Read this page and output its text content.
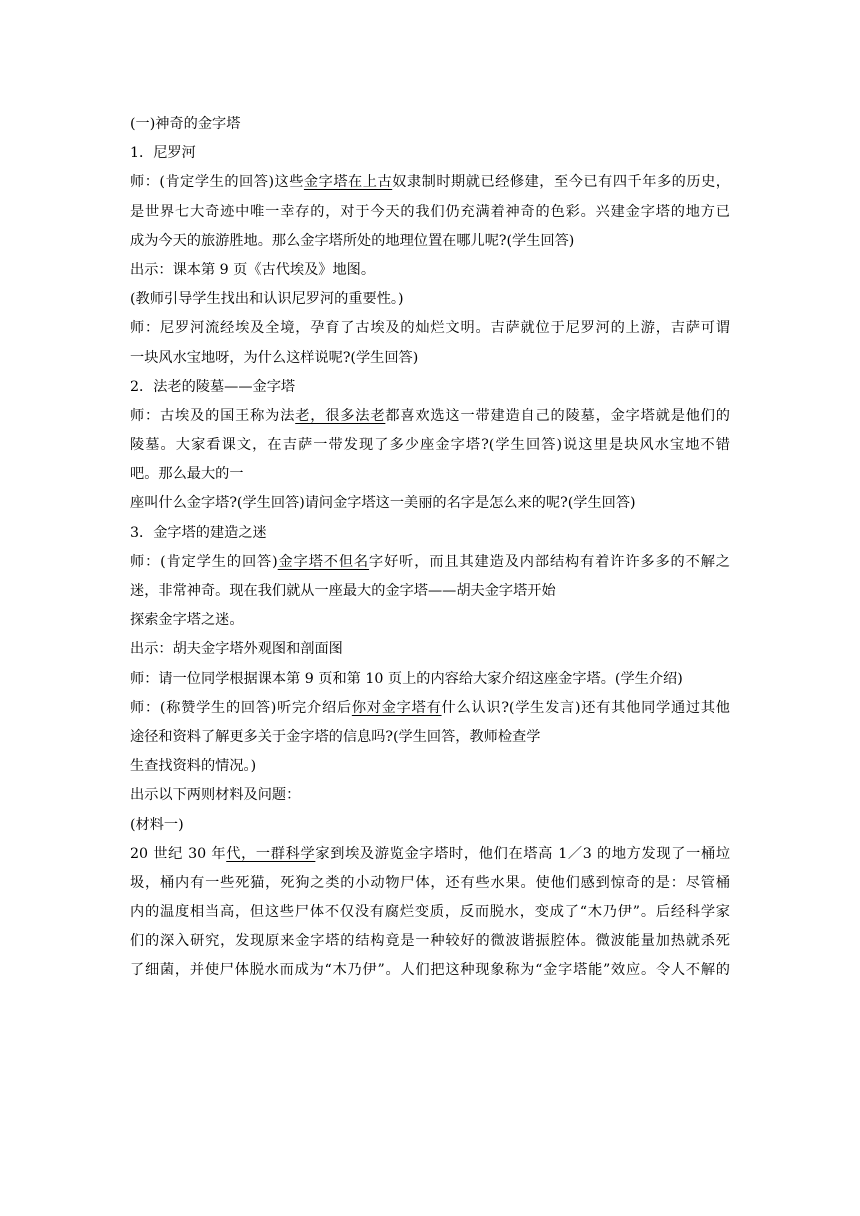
(一)神奇的金字塔
1．尼罗河
师：(肯定学生的回答)这些金字塔在上古奴隶制时期就已经修建，至今已有四千年多的历史，
是世界七大奇迹中唯一幸存的，对于今天的我们仍充满着神奇的色彩。兴建金字塔的地方已
成为今天的旅游胜地。那么金字塔所处的地理位置在哪儿呢?(学生回答)
出示：课本第 9 页《古代埃及》地图。
(教师引导学生找出和认识尼罗河的重要性。)
师：尼罗河流经埃及全境，孕育了古埃及的灿烂文明。吉萨就位于尼罗河的上游，吉萨可谓
一块风水宝地呀，为什么这样说呢?(学生回答)
2．法老的陵墓——金字塔
师：古埃及的国王称为法老，很多法老都喜欢选这一带建造自己的陵墓，金字塔就是他们的
陵墓。大家看课文，在吉萨一带发现了多少座金字塔?(学生回答)说这里是块风水宝地不错
吧。那么最大的一
座叫什么金字塔?(学生回答)请问金字塔这一美丽的名字是怎么来的呢?(学生回答)
3．金字塔的建造之迷
师：(肯定学生的回答)金字塔不但名字好听，而且其建造及内部结构有着许许多多的不解之
迷，非常神奇。现在我们就从一座最大的金字塔——胡夫金字塔开始
探索金字塔之迷。
出示：胡夫金字塔外观图和剖面图
师：请一位同学根据课本第 9 页和第 10 页上的内容给大家介绍这座金字塔。(学生介绍)
师：(称赞学生的回答)听完介绍后你对金字塔有什么认识?(学生发言)还有其他同学通过其他
途径和资料了解更多关于金字塔的信息吗?(学生回答，教师检查学
生查找资料的情况。)
出示以下两则材料及问题：
(材料一)
20 世纪 30 年代，一群科学家到埃及游览金字塔时，他们在塔高 1／3 的地方发现了一桶垃
圾，桶内有一些死猫，死狗之类的小动物尸体，还有些水果。使他们感到惊奇的是：尽管桶
内的温度相当高，但这些尸体不仅没有腐烂变质，反而脱水，变成了“木乃伊”。后经科学家
们的深入研究，发现原来金字塔的结构竟是一种较好的微波谐振腔体。微波能量加热就杀死
了细菌，并使尸体脱水而成为“木乃伊”。人们把这种现象称为“金字塔能”效应。令人不解的
